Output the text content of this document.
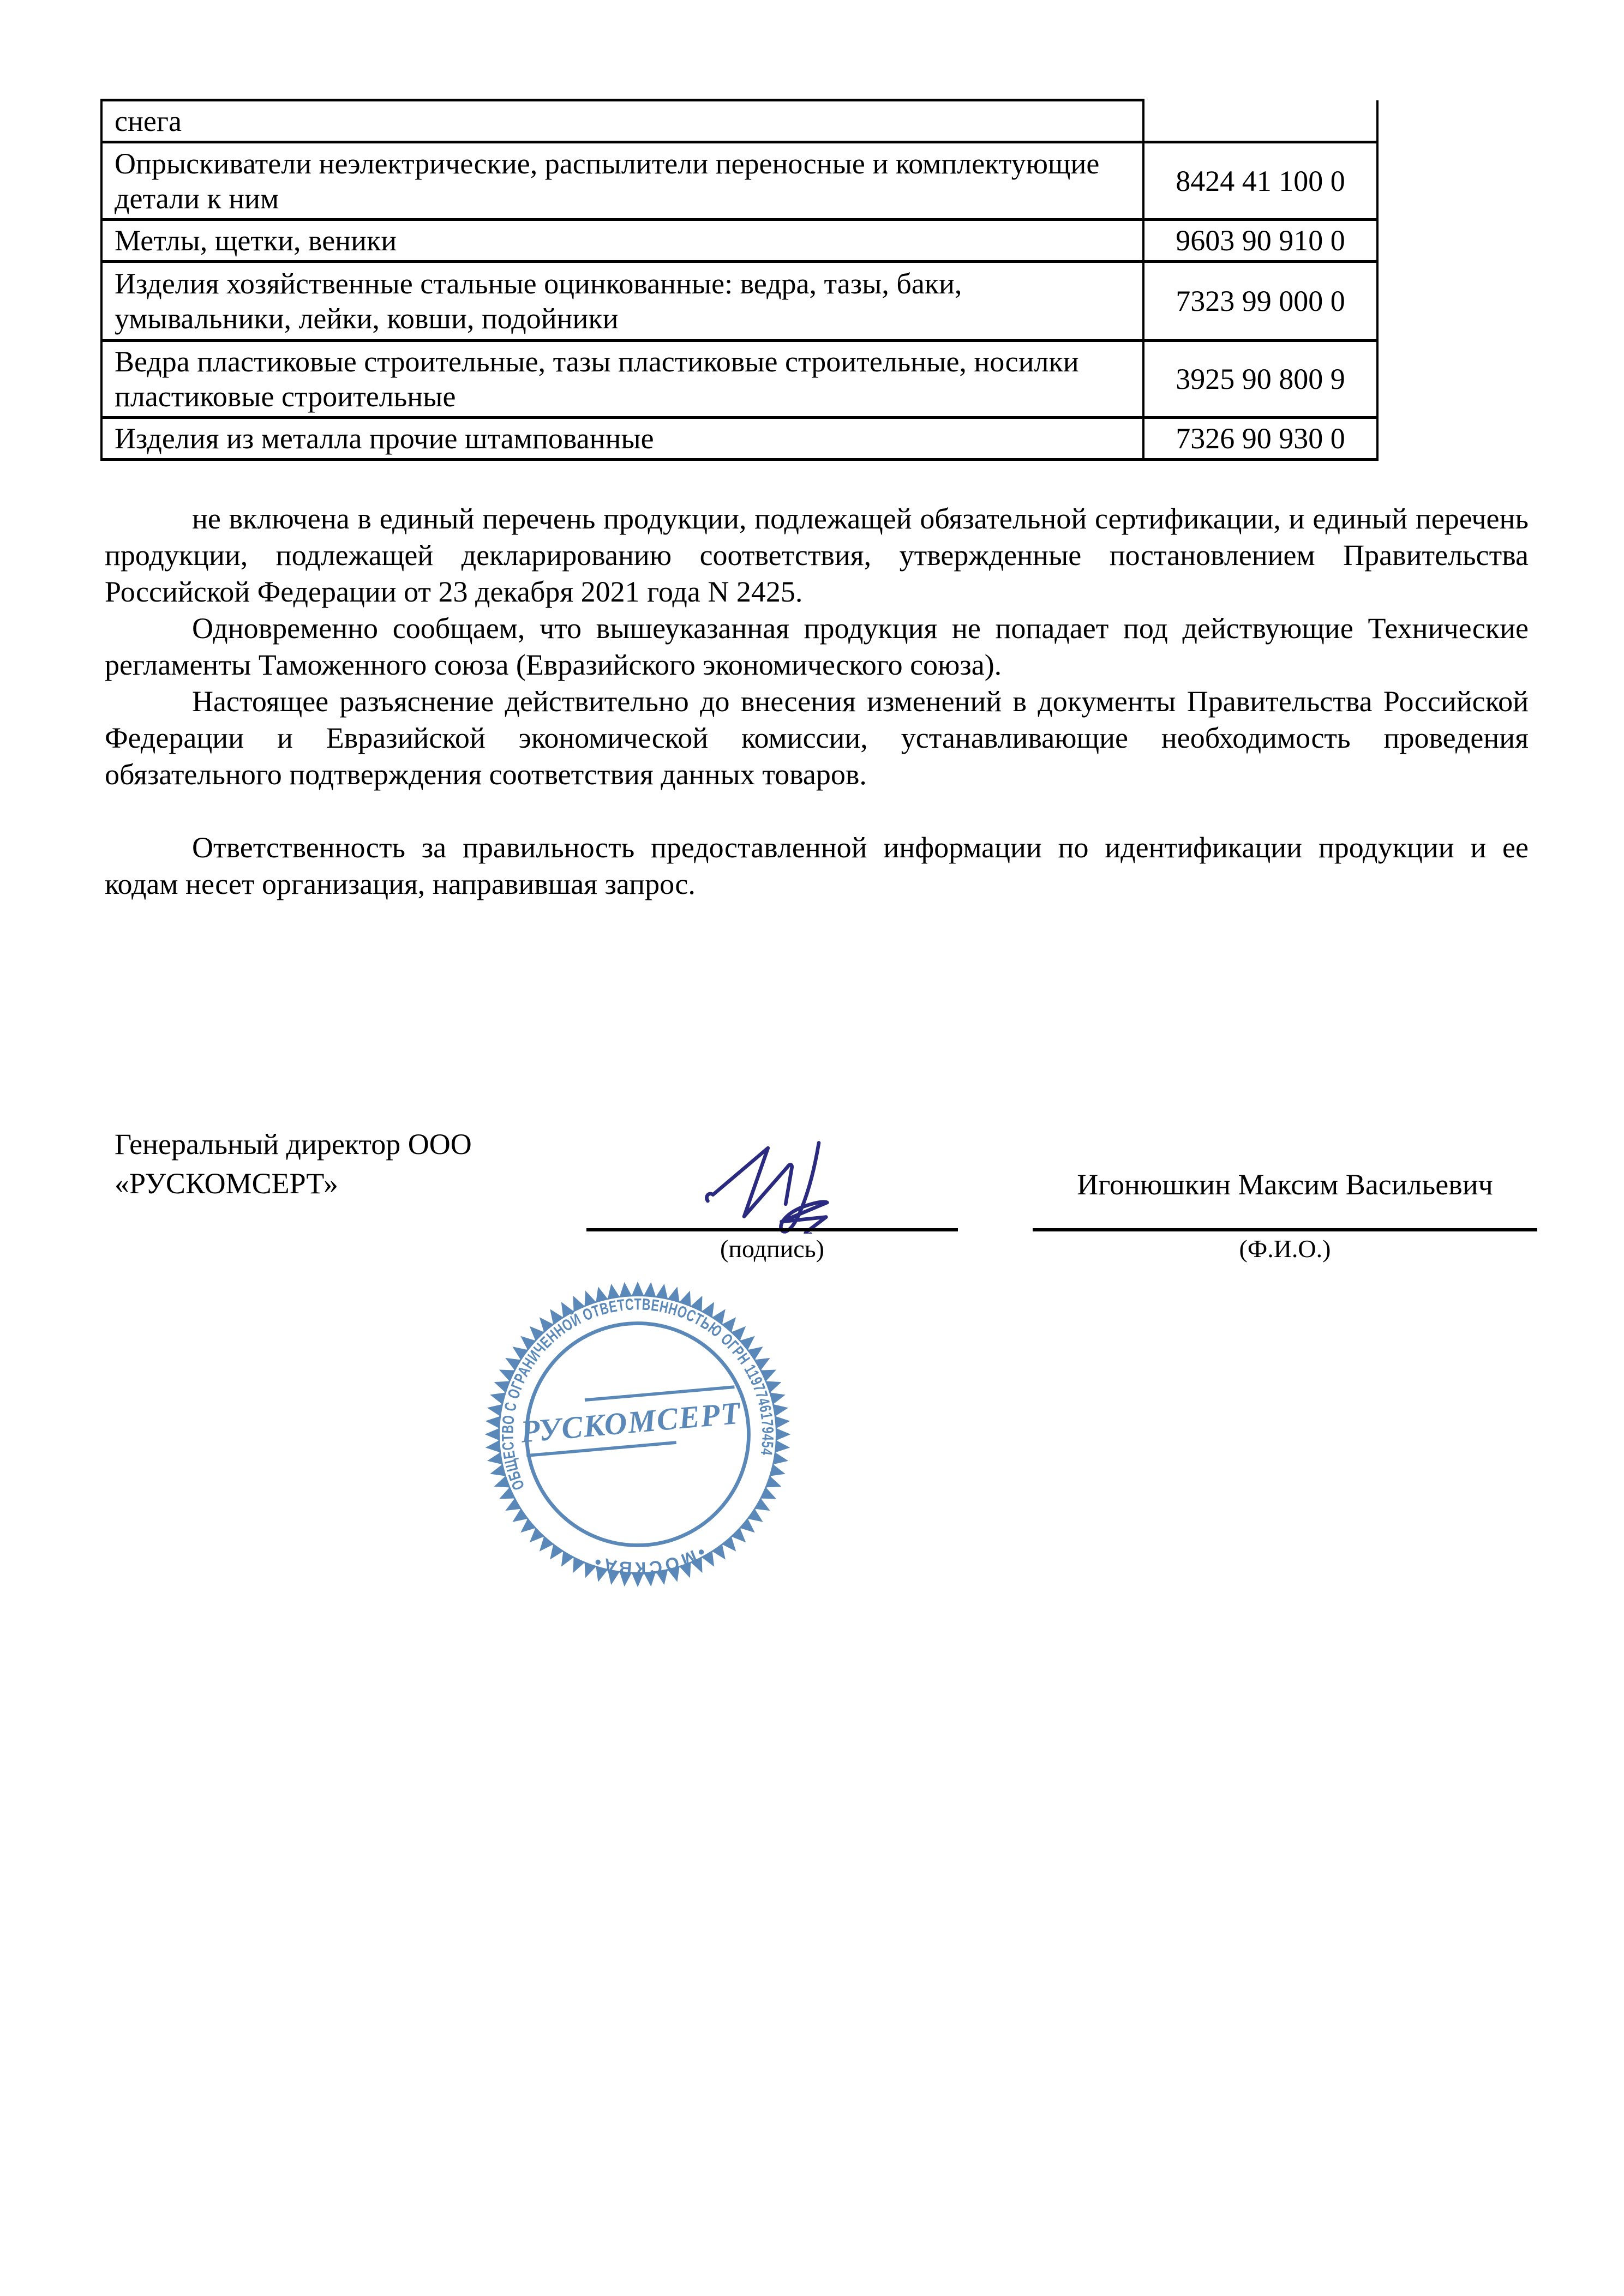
снега	
Опрыскиватели неэлектрические, распылители переносные и комплектующие детали к ним	8424 41 100 0
Метлы, щетки, веники	9603 90 910 0
Изделия хозяйственные стальные оцинкованные: ведра, тазы, баки, умывальники, лейки, ковши, подойники	7323 99 000 0
Ведра пластиковые строительные, тазы пластиковые строительные, носилки пластиковые строительные	3925 90 800 9
Изделия из металла прочие штампованные	7326 90 930 0

не включена в единый перечень продукции, подлежащей обязательной сертификации, и единый перечень продукции, подлежащей декларированию соответствия, утвержденные постановлением Правительства Российской Федерации от 23 декабря 2021 года N 2425.

Одновременно сообщаем, что вышеуказанная продукция не попадает под действующие Технические регламенты Таможенного союза (Евразийского экономического союза).

Настоящее разъяснение действительно до внесения изменений в документы Правительства Российской Федерации и Евразийской экономической комиссии, устанавливающие необходимость проведения обязательного подтверждения соответствия данных товаров.

Ответственность за правильность предоставленной информации по идентификации продукции и ее кодам несет организация, направившая запрос.

Генеральный директор ООО
«РУСКОМСЕРТ»
(подпись)
Игонюшкин Максим Васильевич
(Ф.И.О.)
ОБЩЕСТВО С ОГРАНИЧЕННОЙ ОТВЕТСТВЕННОСТЬЮ ОГРН 1197746179454
•МОСКВА•
РУСКОМСЕРТ
